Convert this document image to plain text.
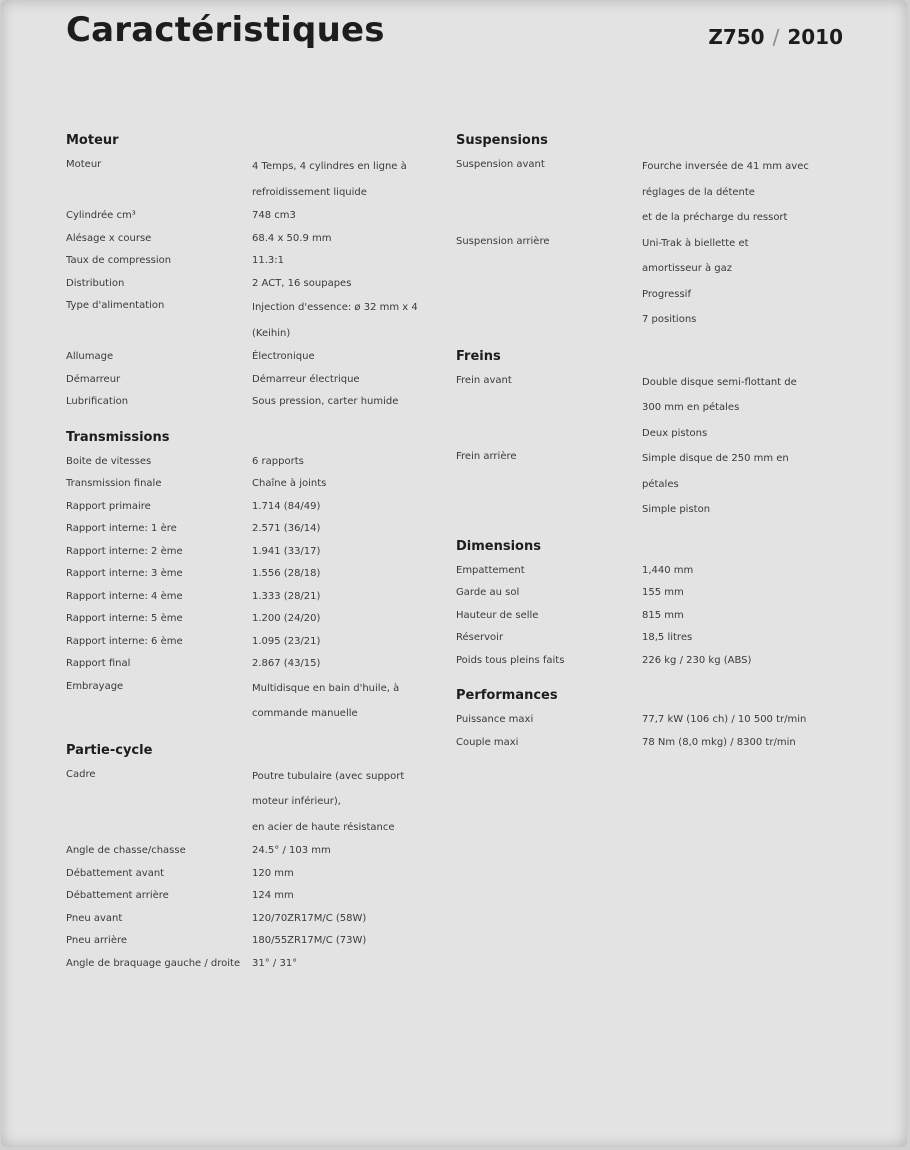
Caractéristiques	Z750 / 2010
Moteur
Moteur	4 Temps, 4 cylindres en ligne à
refroidissement liquide
Cylindrée cm³	748 cm3
Alésage x course	68.4 x 50.9 mm
Taux de compression	11.3:1
Distribution	2 ACT, 16 soupapes
Type d'alimentation	Injection d'essence: ø 32 mm x 4
(Keihin)
Allumage	Électronique
Démarreur	Démarreur électrique
Lubrification	Sous pression, carter humide
Transmissions
Boite de vitesses	6 rapports
Transmission finale	Chaîne à joints
Rapport primaire	1.714 (84/49)
Rapport interne: 1 ère	2.571 (36/14)
Rapport interne: 2 ème	1.941 (33/17)
Rapport interne: 3 ème	1.556 (28/18)
Rapport interne: 4 ème	1.333 (28/21)
Rapport interne: 5 ème	1.200 (24/20)
Rapport interne: 6 ème	1.095 (23/21)
Rapport final	2.867 (43/15)
Embrayage	Multidisque en bain d'huile, à
commande manuelle
Partie-cycle
Cadre	Poutre tubulaire (avec support
moteur inférieur),
en acier de haute résistance
Angle de chasse/chasse	24.5° / 103 mm
Débattement avant	120 mm
Débattement arrière	124 mm
Pneu avant	120/70ZR17M/C (58W)
Pneu arrière	180/55ZR17M/C (73W)
Angle de braquage gauche / droite	31° / 31°
Suspensions
Suspension avant	Fourche inversée de 41 mm avec
réglages de la détente
et de la précharge du ressort
Suspension arrière	Uni-Trak à biellette et
amortisseur à gaz
Progressif
7 positions
Freins
Frein avant	Double disque semi-flottant de
300 mm en pétales
Deux pistons
Frein arrière	Simple disque de 250 mm en
pétales
Simple piston
Dimensions
Empattement	1,440 mm
Garde au sol	155 mm
Hauteur de selle	815 mm
Réservoir	18,5 litres
Poids tous pleins faits	226 kg / 230 kg (ABS)
Performances
Puissance maxi	77,7 kW (106 ch) / 10 500 tr/min
Couple maxi	78 Nm (8,0 mkg) / 8300 tr/min
